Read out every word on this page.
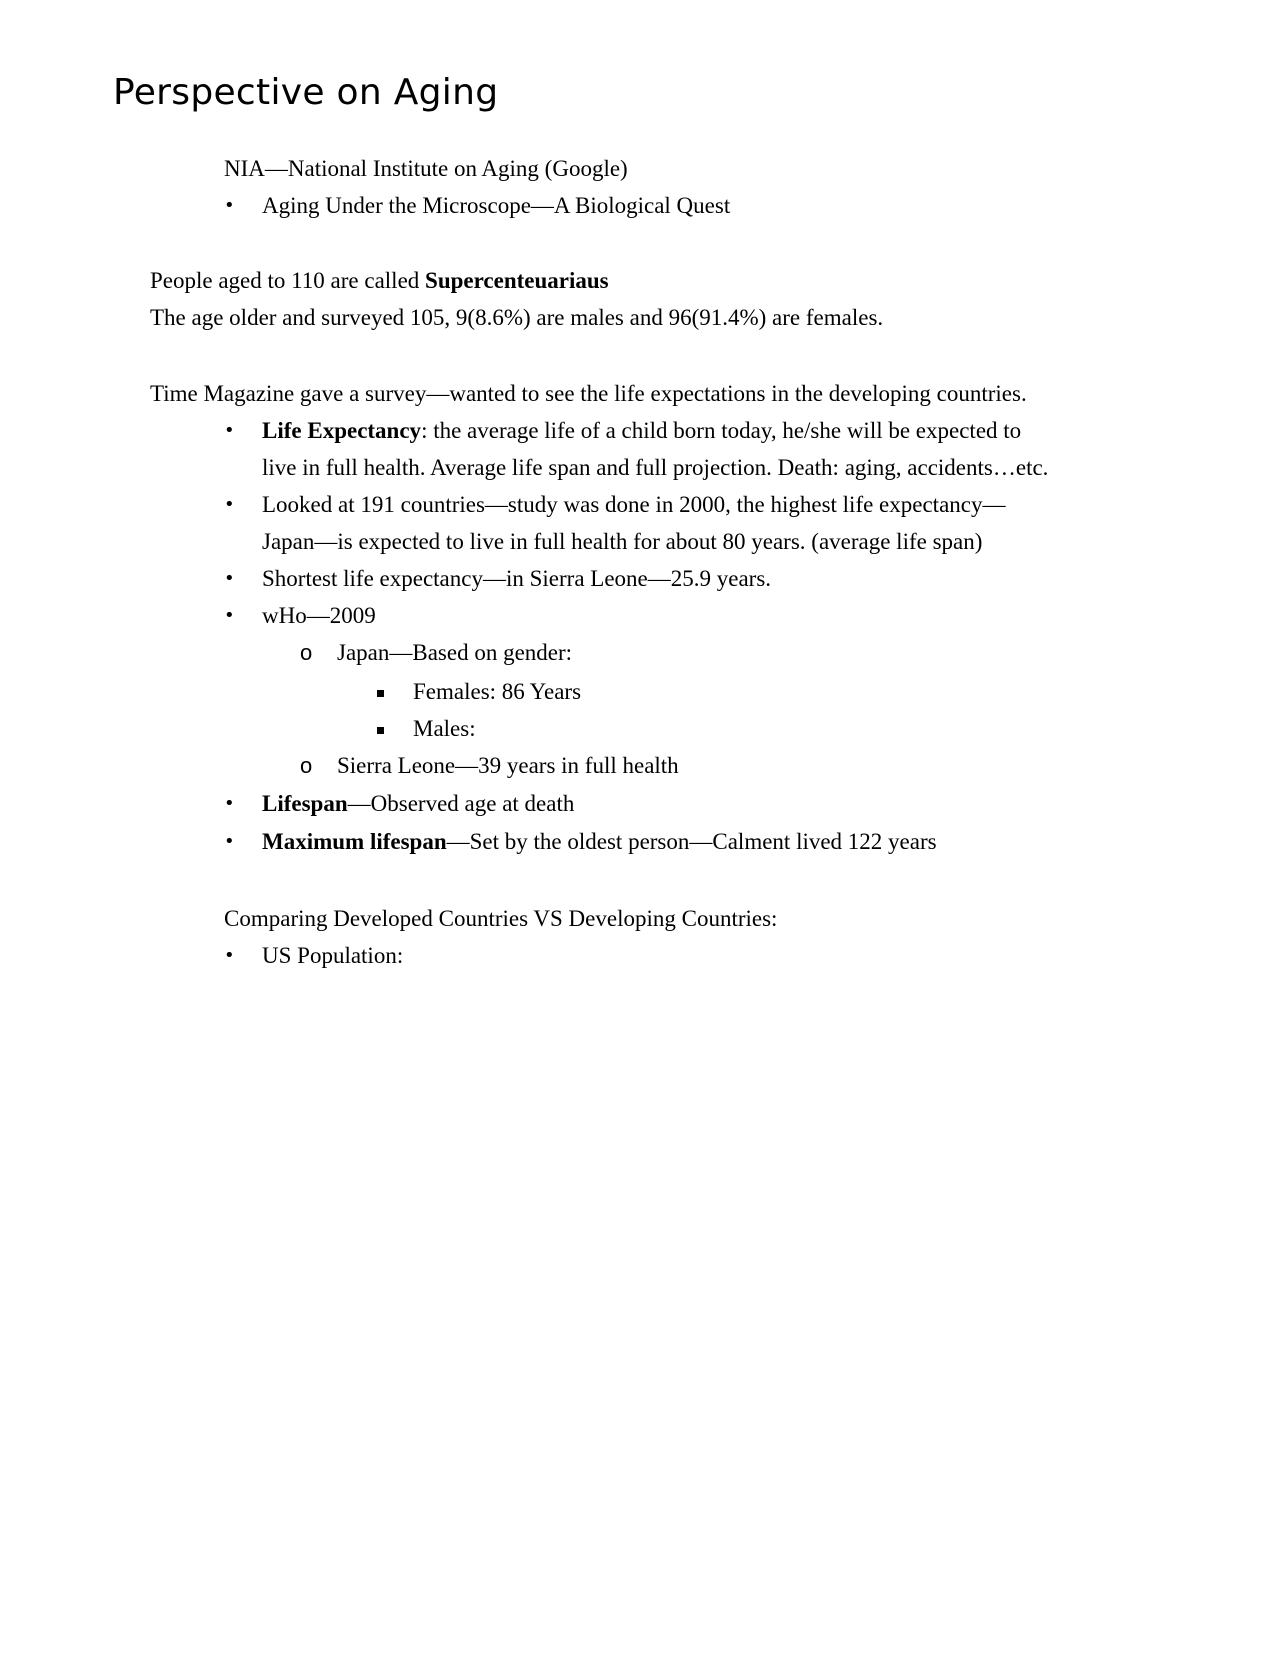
Perspective on Aging
NIA—National Institute on Aging (Google)
• Aging Under the Microscope—A Biological Quest
People aged to 110 are called Supercenteuariaus
The age older and surveyed 105, 9(8.6%) are males and 96(91.4%) are females.
Time Magazine gave a survey—wanted to see the life expectations in the developing countries.
• Life Expectancy: the average life of a child born today, he/she will be expected to
live in full health. Average life span and full projection. Death: aging, accidents…etc.
• Looked at 191 countries—study was done in 2000, the highest life expectancy—
Japan—is expected to live in full health for about 80 years. (average life span)
• Shortest life expectancy—in Sierra Leone—25.9 years.
• wHo—2009
o Japan—Based on gender:
Females: 86 Years
Males:
o Sierra Leone—39 years in full health
• Lifespan—Observed age at death
• Maximum lifespan—Set by the oldest person—Calment lived 122 years
Comparing Developed Countries VS Developing Countries:
• US Population:
